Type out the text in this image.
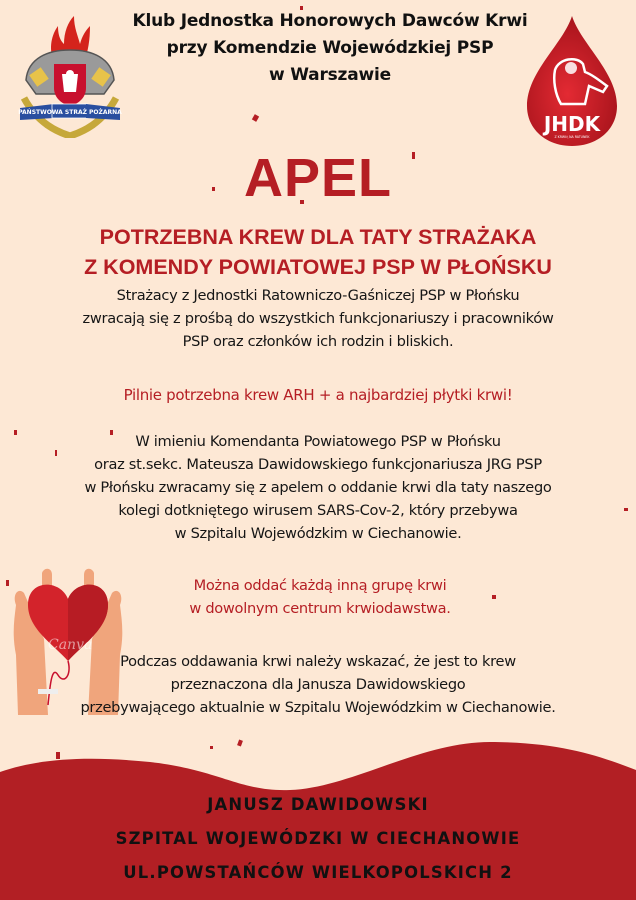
PAŃSTWOWA STRAŻ POŻARNA
Klub Jednostka Honorowych Dawców Krwi
przy Komendzie Wojewódzkiej PSP
w Warszawie
JHDK
Z KRWIĄ NA RATUNEK
APEL
POTRZEBNA KREW DLA TATY STRAŻAKA
Z KOMENDY POWIATOWEJ PSP W PŁOŃSKU
Strażacy z Jednostki Ratowniczo-Gaśniczej PSP w Płońsku
zwracają się z prośbą do wszystkich funkcjonariuszy i pracowników
PSP oraz członków ich rodzin i bliskich.
Pilnie potrzebna krew ARH + a najbardziej płytki krwi!
W imieniu Komendanta Powiatowego PSP w Płońsku
oraz st.sekc. Mateusza Dawidowskiego funkcjonariusza JRG PSP
w Płońsku zwracamy się z apelem o oddanie krwi dla taty naszego
kolegi dotkniętego wirusem SARS-Cov-2, który przebywa
w Szpitalu Wojewódzkim w Ciechanowie.
Canva
Można oddać każdą inną grupę krwi
w dowolnym centrum krwiodawstwa.
Podczas oddawania krwi należy wskazać, że jest to krew
przeznaczona dla Janusza Dawidowskiego
przebywającego aktualnie w Szpitalu Wojewódzkim w Ciechanowie.
JANUSZ DAWIDOWSKI
SZPITAL WOJEWÓDZKI W CIECHANOWIE
UL.POWSTAŃCÓW WIELKOPOLSKICH 2
